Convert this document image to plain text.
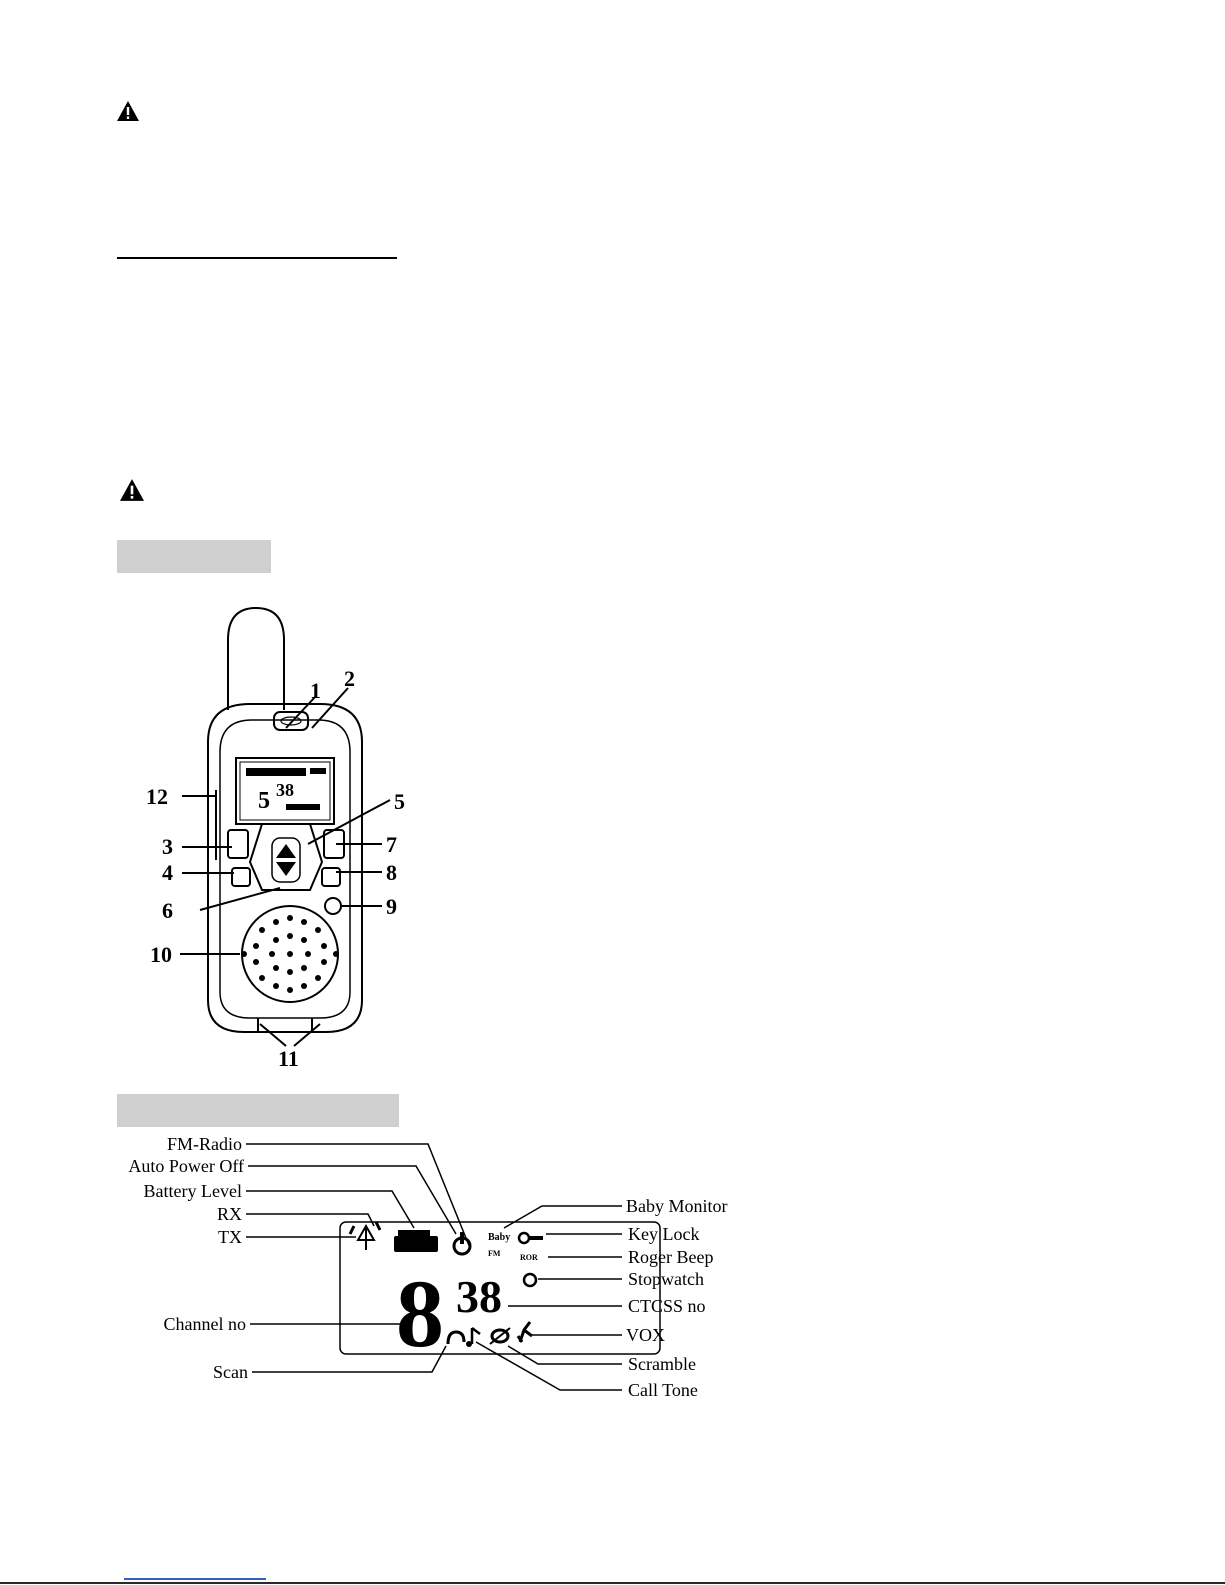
5 38
1 2
3
4
5
6
7
8
9
10
11
12
FM-Radio
Auto Power Off
Battery Level
RX
TX
Channel no
Scan
Baby Monitor
Key Lock
Roger Beep
Stopwatch
CTCSS no
VOX
Scramble
Call Tone
Baby
FM ROR
8 38
